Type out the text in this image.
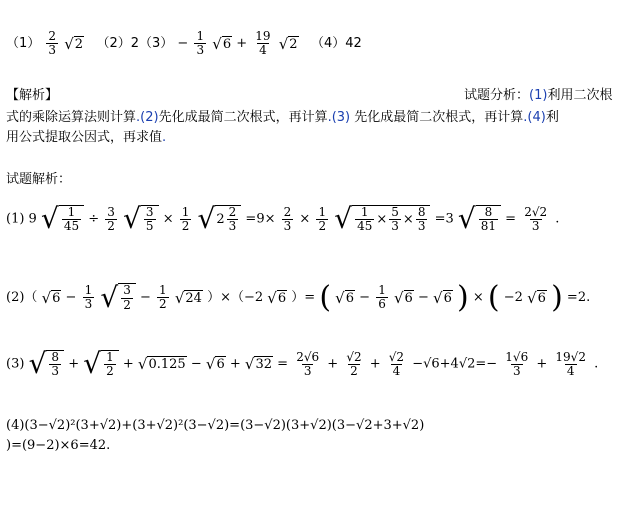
$(1) \frac{2}{3}$
√ 2 $(2)2(3) - \frac{1}{3}$
√ $6 + \frac{19}{4}$
√ 2 （4）42
【解析】	试题分析：(1)利用二次根
式的乘除运算法则计算.(2)先化成最简二次根式，再计算.(3) 先化成最简二次根式，再计算.(4)利
用公式提取公因式，再求值.
试题解析：
(1) 9 √ $\frac{1}{45} \div \frac{3}{2}$
√ $\frac{3}{5} \times \frac{1}{2}$
√ $2 \frac{2}{3} =9\times \frac{2}{3} \times \frac{1}{2}$
√ $\frac{1}{45} \times \frac{5}{3} \times \frac{8}{3} =3$ √ $\frac{8}{81} = \frac{2√2}{3}$ .
(2)（ √ $6 - \frac{1}{3}$
√ $\frac{3}{2} - \frac{1}{2}$
√ 24 ）×（−2 √ 6 ）= ( √ $6 - \frac{1}{6}$
√ 6 − √ 6 ) × ( −2 √ 6 ) =2.
(3) √ $\frac{8}{3}$ + √ $\frac{1}{2}$ + √ 0.125 − √ 6 + √ $32 = \frac{2√6}{3} + \frac{√2}{2} + \frac{√2}{4} -√6+4√2=- \frac{1√6}{3} + \frac{19√2}{4}$ .
(4)(3−√2)²(3+√2)+(3+√2)²(3−√2)=(3−√2)(3+√2)(3−√2+3+√2)
)=(9−2)×6=42.
